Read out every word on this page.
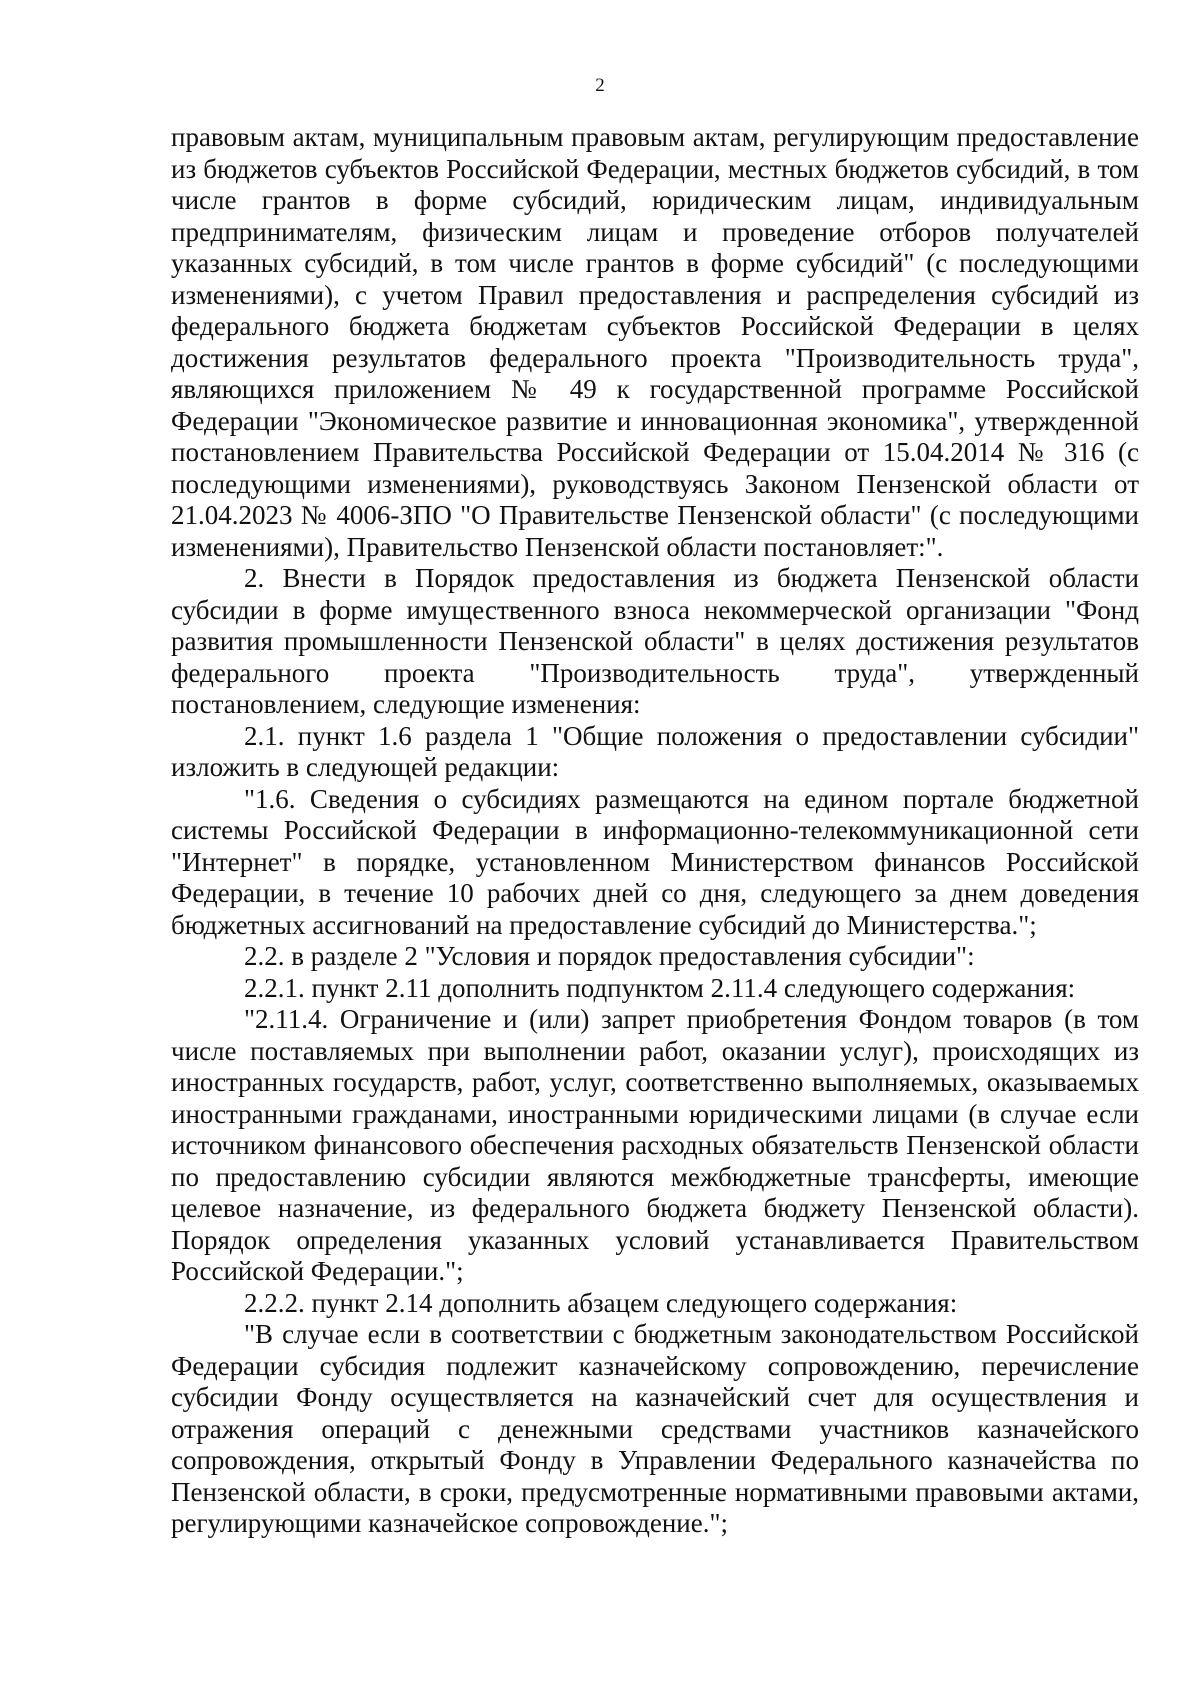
2

правовым актам, муниципальным правовым актам, регулирующим предоставление из бюджетов субъектов Российской Федерации, местных бюджетов субсидий, в том числе грантов в форме субсидий, юридическим лицам, индивидуальным предпринимателям, физическим лицам и проведение отборов получателей указанных субсидий, в том числе грантов в форме субсидий" (с последующими изменениями), с учетом Правил предоставления и распределения субсидий из федерального бюджета бюджетам субъектов Российской Федерации в целях достижения результатов федерального проекта "Производительность труда", являющихся приложением № 49 к государственной программе Российской Федерации "Экономическое развитие и инновационная экономика", утвержденной постановлением Правительства Российской Федерации от 15.04.2014 № 316 (с последующими изменениями), руководствуясь Законом Пензенской области от 21.04.2023 № 4006-ЗПО "О Правительстве Пензенской области" (с последующими изменениями), Правительство Пензенской области постановляет:".

2. Внести в Порядок предоставления из бюджета Пензенской области субсидии в форме имущественного взноса некоммерческой организации "Фонд развития промышленности Пензенской области" в целях достижения результатов федерального проекта "Производительность труда", утвержденный постановлением, следующие изменения:

2.1. пункт 1.6 раздела 1 "Общие положения о предоставлении субсидии" изложить в следующей редакции:

"1.6. Сведения о субсидиях размещаются на едином портале бюджетной системы Российской Федерации в информационно-телекоммуникационной сети "Интернет" в порядке, установленном Министерством финансов Российской Федерации, в течение 10 рабочих дней со дня, следующего за днем доведения бюджетных ассигнований на предоставление субсидий до Министерства.";

2.2. в разделе 2 "Условия и порядок предоставления субсидии":

2.2.1. пункт 2.11 дополнить подпунктом 2.11.4 следующего содержания:

"2.11.4. Ограничение и (или) запрет приобретения Фондом товаров (в том числе поставляемых при выполнении работ, оказании услуг), происходящих из иностранных государств, работ, услуг, соответственно выполняемых, оказываемых иностранными гражданами, иностранными юридическими лицами (в случае если источником финансового обеспечения расходных обязательств Пензенской области по предоставлению субсидии являются межбюджетные трансферты, имеющие целевое назначение, из федерального бюджета бюджету Пензенской области). Порядок определения указанных условий устанавливается Правительством Российской Федерации.";

2.2.2. пункт 2.14 дополнить абзацем следующего содержания:

"В случае если в соответствии с бюджетным законодательством Российской Федерации субсидия подлежит казначейскому сопровождению, перечисление субсидии Фонду осуществляется на казначейский счет для осуществления и отражения операций с денежными средствами участников казначейского сопровождения, открытый Фонду в Управлении Федерального казначейства по Пензенской области, в сроки, предусмотренные нормативными правовыми актами, регулирующими казначейское сопровождение.";
